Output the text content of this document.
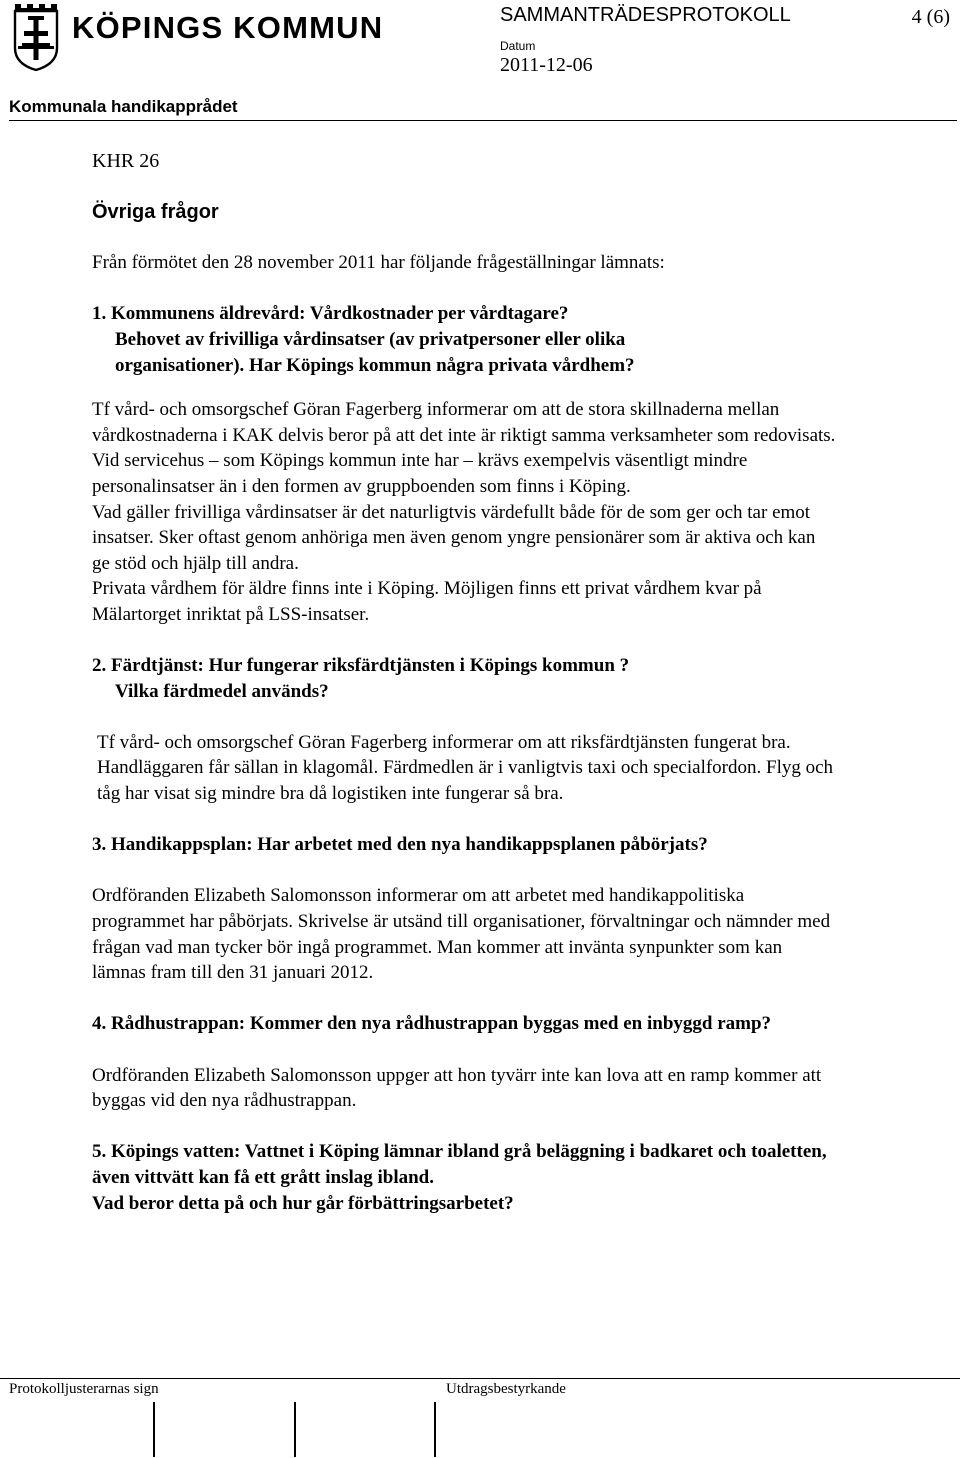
KÖPINGS KOMMUN	SAMMANTRÄDESPROTOKOLL	4 (6)
Datum
2011-12-06
Kommunala handikapprådet

KHR 26

Övriga frågor

Från förmötet den 28 november 2011 har följande frågeställningar lämnats:

1. Kommunens äldrevård: Vårdkostnader per vårdtagare?

Behovet av frivilliga vårdinsatser (av privatpersoner eller olika

organisationer). Har Köpings kommun några privata vårdhem?

Tf vård- och omsorgschef Göran Fagerberg informerar om att de stora skillnaderna mellan vårdkostnaderna i KAK delvis beror på att det inte är riktigt samma verksamheter som redovisats. Vid servicehus – som Köpings kommun inte har – krävs exempelvis väsentligt mindre personalinsatser än i den formen av gruppboenden som finns i Köping.

Vad gäller frivilliga vårdinsatser är det naturligtvis värdefullt både för de som ger och tar emot insatser. Sker oftast genom anhöriga men även genom yngre pensionärer som är aktiva och kan ge stöd och hjälp till andra.

Privata vårdhem för äldre finns inte i Köping. Möjligen finns ett privat vårdhem kvar på Mälartorget inriktat på LSS-insatser.

2. Färdtjänst: Hur fungerar riksfärdtjänsten i Köpings kommun ?

Vilka färdmedel används?

Tf vård- och omsorgschef Göran Fagerberg informerar om att riksfärdtjänsten fungerat bra. Handläggaren får sällan in klagomål. Färdmedlen är i vanligtvis taxi och specialfordon. Flyg och tåg har visat sig mindre bra då logistiken inte fungerar så bra.

3. Handikappsplan: Har arbetet med den nya handikappsplanen påbörjats?

Ordföranden Elizabeth Salomonsson informerar om att arbetet med handikappolitiska programmet har påbörjats. Skrivelse är utsänd till organisationer, förvaltningar och nämnder med frågan vad man tycker bör ingå programmet. Man kommer att invänta synpunkter som kan lämnas fram till den 31 januari 2012.

4. Rådhustrappan: Kommer den nya rådhustrappan byggas med en inbyggd ramp?

Ordföranden Elizabeth Salomonsson uppger att hon tyvärr inte kan lova att en ramp kommer att byggas vid den nya rådhustrappan.

5. Köpings vatten: Vattnet i Köping lämnar ibland grå beläggning i badkaret och toaletten, även vittvätt kan få ett grått inslag ibland.

Vad beror detta på och hur går förbättringsarbetet?

Protokolljusterarnas sign	Utdragsbestyrkande
